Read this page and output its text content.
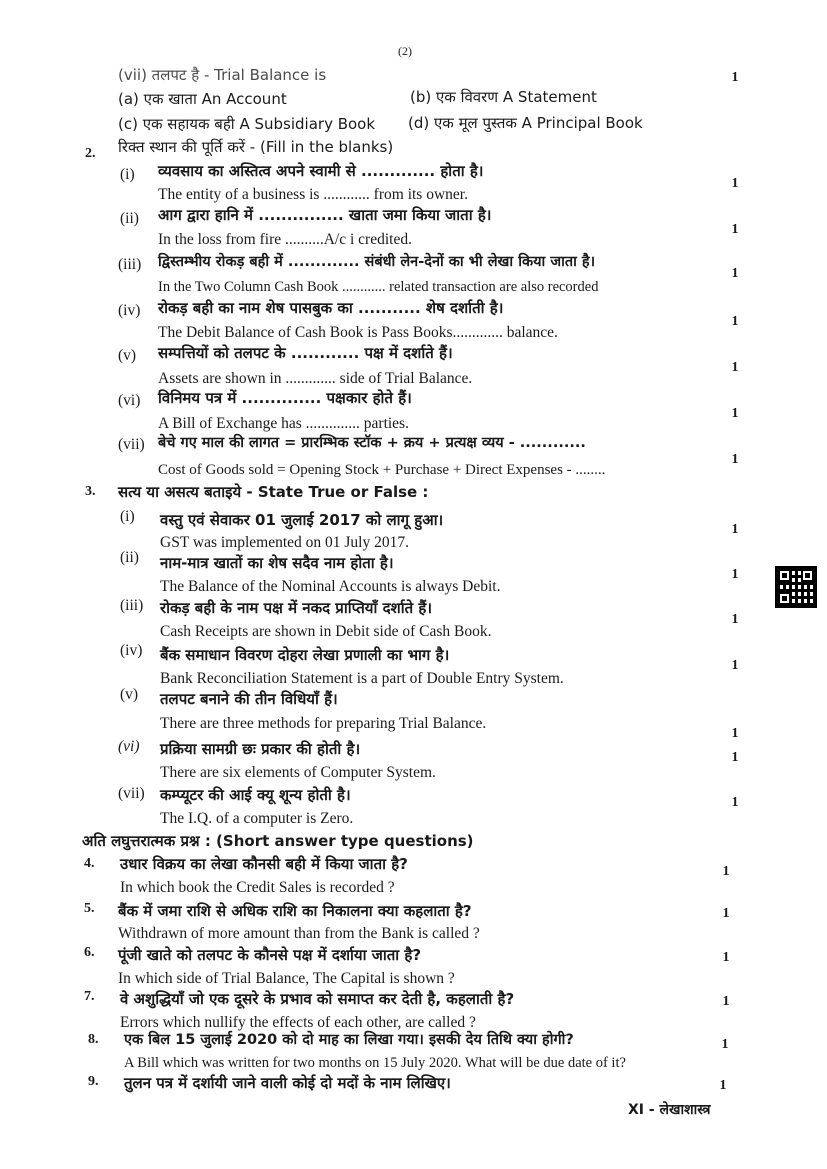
(2)
(vii) तलपट है - Trial Balance is	1
(a) एक खाता An Account	(b) एक विवरण A Statement
(c) एक सहायक बही A Subsidiary Book (d) एक मूल पुस्तक A Principal Book
2. रिक्त स्थान की पूर्ति करें - (Fill in the blanks)
(i) व्यवसाय का अस्तित्व अपने स्वामी से ............. होता है।
The entity of a business is ............ from its owner.
1
(ii) आग द्वारा हानि में ............... खाता जमा किया जाता है।
In the loss from fire ..........A/c i credited.
1
(iii) द्विस्तम्भीय रोकड़ बही में ............. संबंधी लेन-देनों का भी लेखा किया जाता है।
In the Two Column Cash Book ............ related transaction are also recorded
1
(iv) रोकड़ बही का नाम शेष पासबुक का ........... शेष दर्शाती है।
The Debit Balance of Cash Book is Pass Books............. balance.
1
(v) सम्पत्तियों को तलपट के ............ पक्ष में दर्शाते हैं।
Assets are shown in ............. side of Trial Balance.
1
(vi) विनिमय पत्र में .............. पक्षकार होते हैं।
A Bill of Exchange has .............. parties.
1
(vii) बेचे गए माल की लागत = प्रारम्भिक स्टॉक + क्रय + प्रत्यक्ष व्यय - ............
Cost of Goods sold = Opening Stock + Purchase + Direct Expenses - ........
1
3. सत्य या असत्य बताइये - State True or False :
(i) वस्तु एवं सेवाकर 01 जुलाई 2017 को लागू हुआ।
GST was implemented on 01 July 2017.
1
(ii) नाम-मात्र खातों का शेष सदैव नाम होता है।
The Balance of the Nominal Accounts is always Debit.
1
(iii) रोकड़ बही के नाम पक्ष में नकद प्राप्तियाँ दर्शाते हैं।
Cash Receipts are shown in Debit side of Cash Book.
1
(iv) बैंक समाधान विवरण दोहरा लेखा प्रणाली का भाग है।
Bank Reconciliation Statement is a part of Double Entry System.
1
(v) तलपट बनाने की तीन विधियाँ हैं।
There are three methods for preparing Trial Balance.
1
(vi) प्रक्रिया सामग्री छः प्रकार की होती है।
There are six elements of Computer System.
1
(vii) कम्प्यूटर की आई क्यू शून्य होती है।
The I.Q. of a computer is Zero.
1
अति लघुत्तरात्मक प्रश्न : (Short answer type questions)
4. उधार विक्रय का लेखा कौनसी बही में किया जाता है?
In which book the Credit Sales is recorded ?
1
5. बैंक में जमा राशि से अधिक राशि का निकालना क्या कहलाता है?
Withdrawn of more amount than from the Bank is called ?
1
6. पूंजी खाते को तलपट के कौनसे पक्ष में दर्शाया जाता है?
In which side of Trial Balance, The Capital is shown ?
1
7. वे अशुद्धियाँ जो एक दूसरे के प्रभाव को समाप्त कर देती है, कहलाती है?
Errors which nullify the effects of each other, are called ?
1
8. एक बिल 15 जुलाई 2020 को दो माह का लिखा गया। इसकी देय तिथि क्या होगी?
A Bill which was written for two months on 15 July 2020. What will be due date of it?
1
9. तुलन पत्र में दर्शायी जाने वाली कोई दो मदों के नाम लिखिए।	1
XI - लेखाशास्त्र
